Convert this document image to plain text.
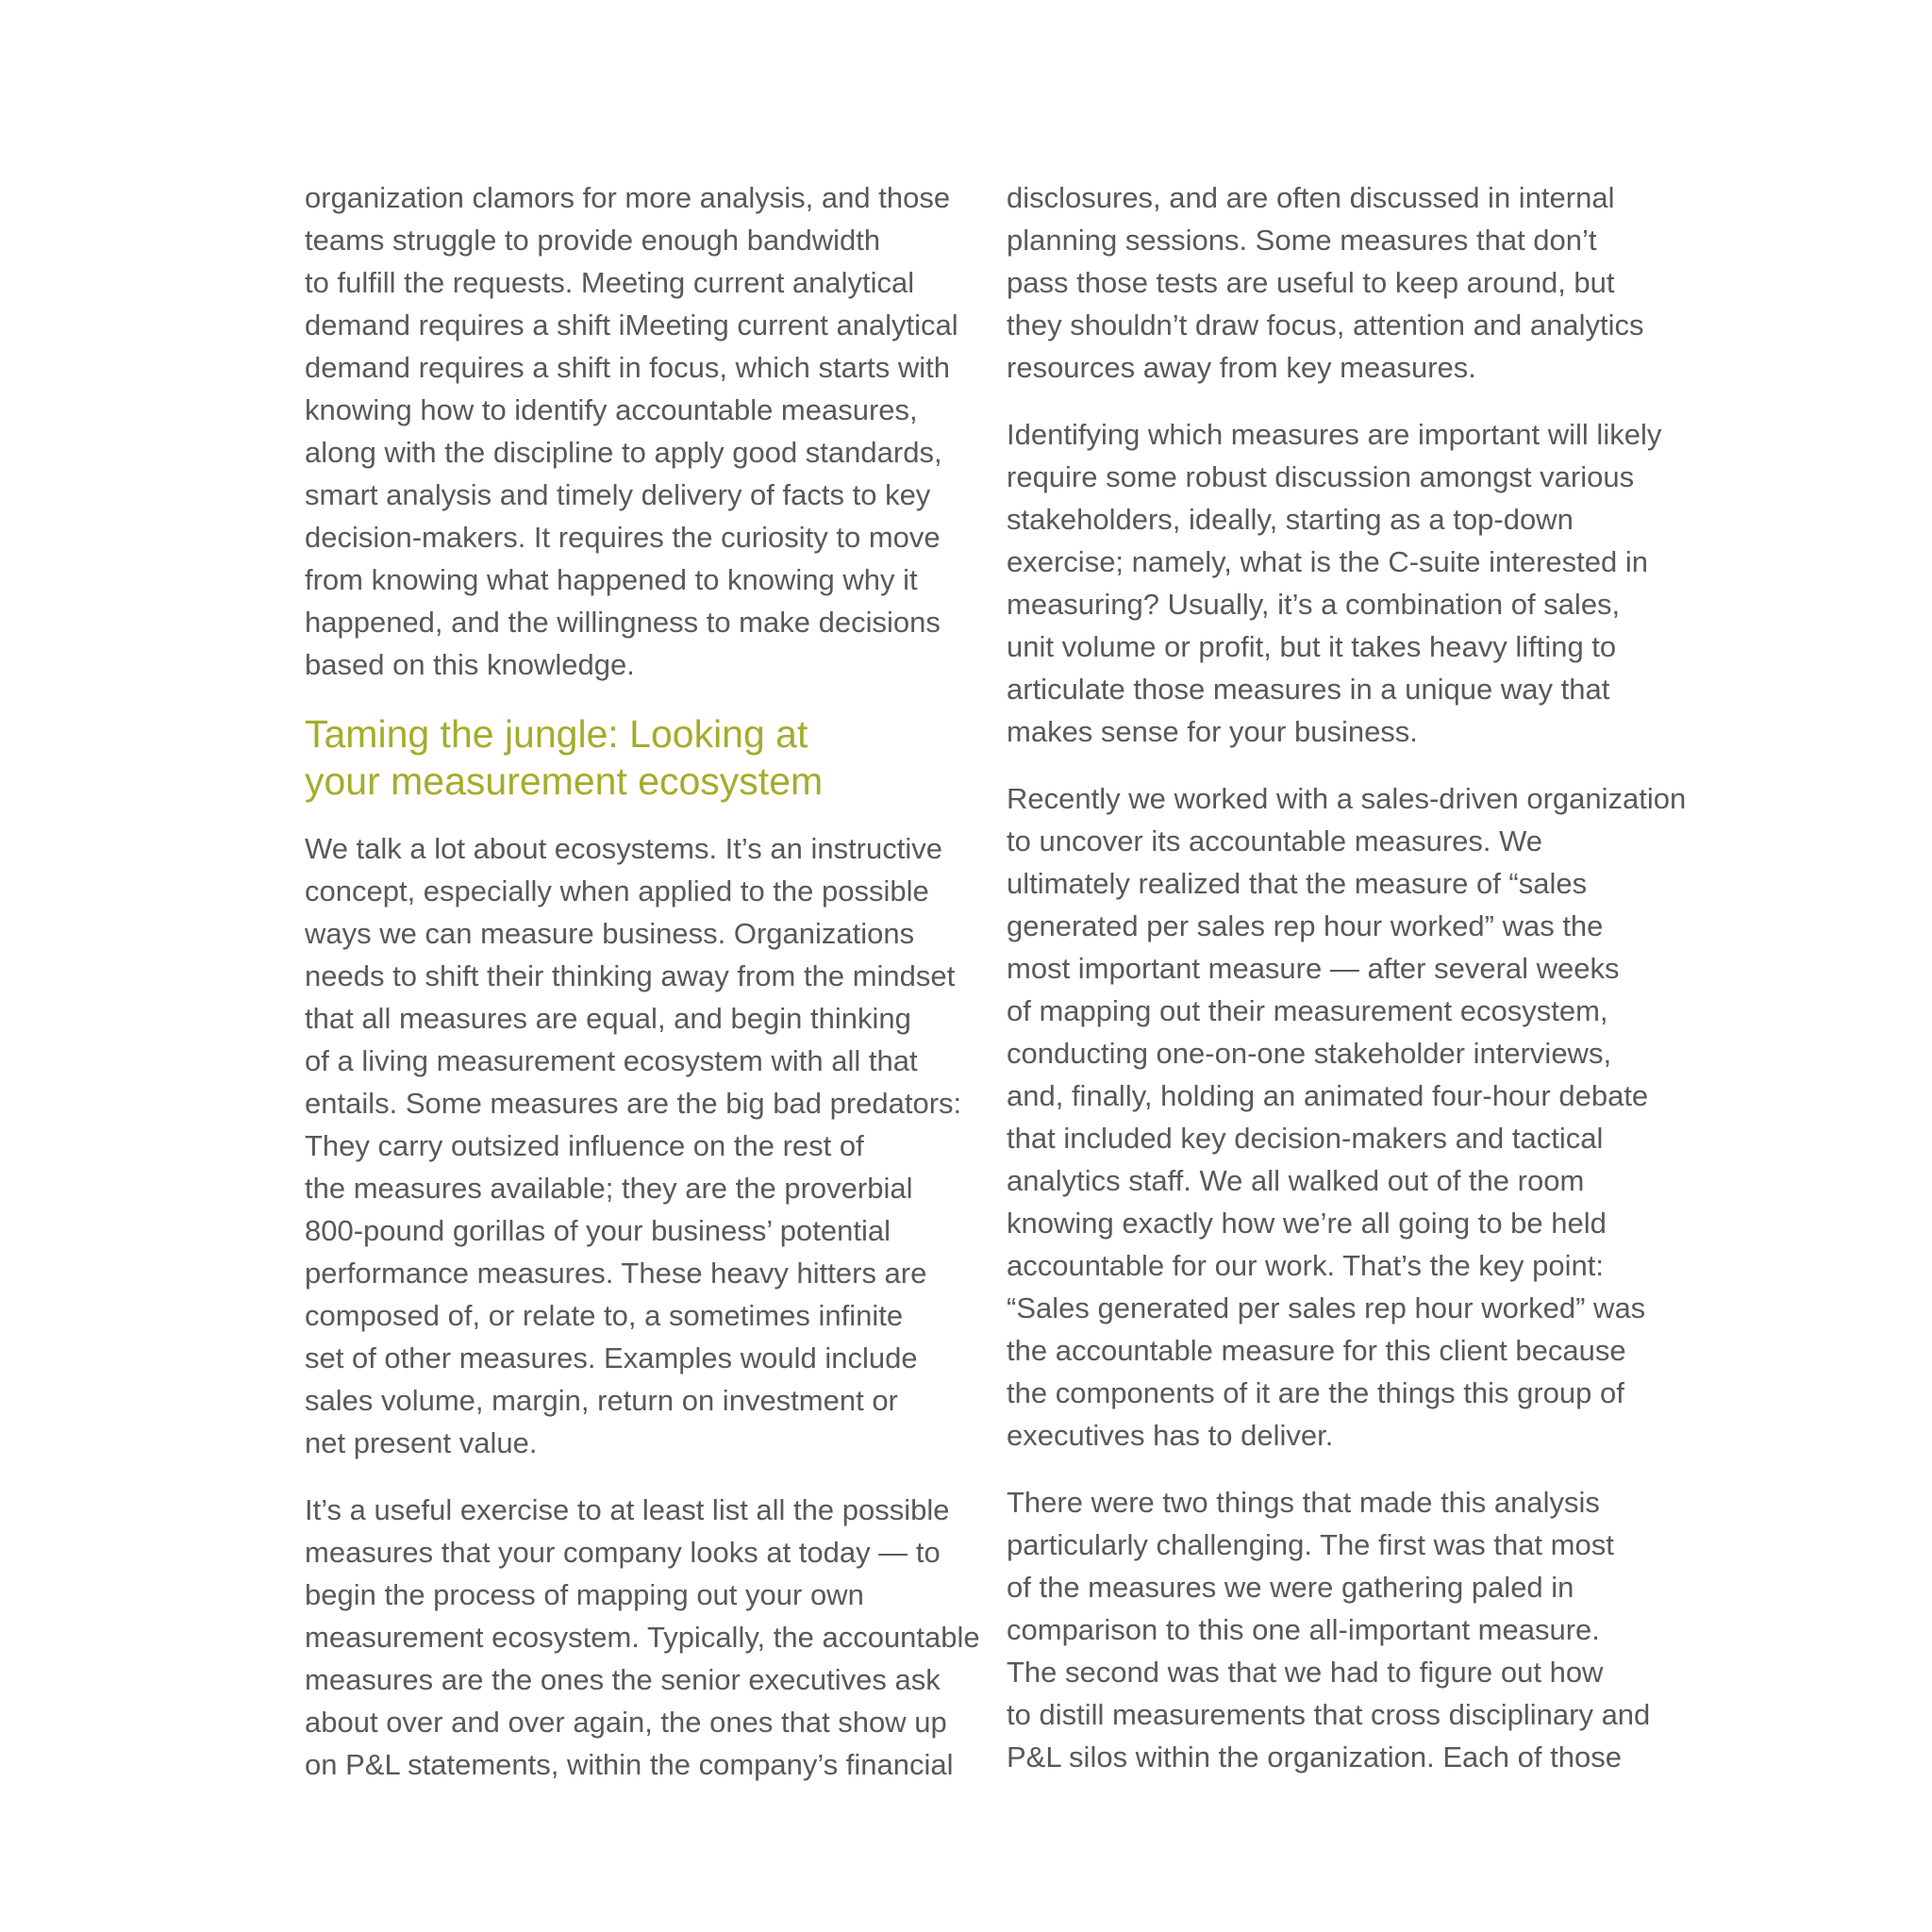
organization clamors for more analysis, and those
teams struggle to provide enough bandwidth
to fulfill the requests. Meeting current analytical
demand requires a shift iMeeting current analytical
demand requires a shift in focus, which starts with
knowing how to identify accountable measures,
along with the discipline to apply good standards,
smart analysis and timely delivery of facts to key
decision-makers. It requires the curiosity to move
from knowing what happened to knowing why it
happened, and the willingness to make decisions
based on this knowledge.
Taming the jungle: Looking at
your measurement ecosystem
We talk a lot about ecosystems. It’s an instructive
concept, especially when applied to the possible
ways we can measure business. Organizations
needs to shift their thinking away from the mindset
that all measures are equal, and begin thinking
of a living measurement ecosystem with all that
entails. Some measures are the big bad predators:
They carry outsized influence on the rest of
the measures available; they are the proverbial
800-pound gorillas of your business’ potential
performance measures. These heavy hitters are
composed of, or relate to, a sometimes infinite
set of other measures. Examples would include
sales volume, margin, return on investment or
net present value.
It’s a useful exercise to at least list all the possible
measures that your company looks at today — to
begin the process of mapping out your own
measurement ecosystem. Typically, the accountable
measures are the ones the senior executives ask
about over and over again, the ones that show up
on P&L statements, within the company’s financial
disclosures, and are often discussed in internal
planning sessions. Some measures that don’t
pass those tests are useful to keep around, but
they shouldn’t draw focus, attention and analytics
resources away from key measures.
Identifying which measures are important will likely
require some robust discussion amongst various
stakeholders, ideally, starting as a top-down
exercise; namely, what is the C-suite interested in
measuring? Usually, it’s a combination of sales,
unit volume or profit, but it takes heavy lifting to
articulate those measures in a unique way that
makes sense for your business.
Recently we worked with a sales-driven organization
to uncover its accountable measures. We
ultimately realized that the measure of “sales
generated per sales rep hour worked” was the
most important measure — after several weeks
of mapping out their measurement ecosystem,
conducting one-on-one stakeholder interviews,
and, finally, holding an animated four-hour debate
that included key decision-makers and tactical
analytics staff. We all walked out of the room
knowing exactly how we’re all going to be held
accountable for our work. That’s the key point:
“Sales generated per sales rep hour worked” was
the accountable measure for this client because
the components of it are the things this group of
executives has to deliver.
There were two things that made this analysis
particularly challenging. The first was that most
of the measures we were gathering paled in
comparison to this one all-important measure.
The second was that we had to figure out how
to distill measurements that cross disciplinary and
P&L silos within the organization. Each of those
